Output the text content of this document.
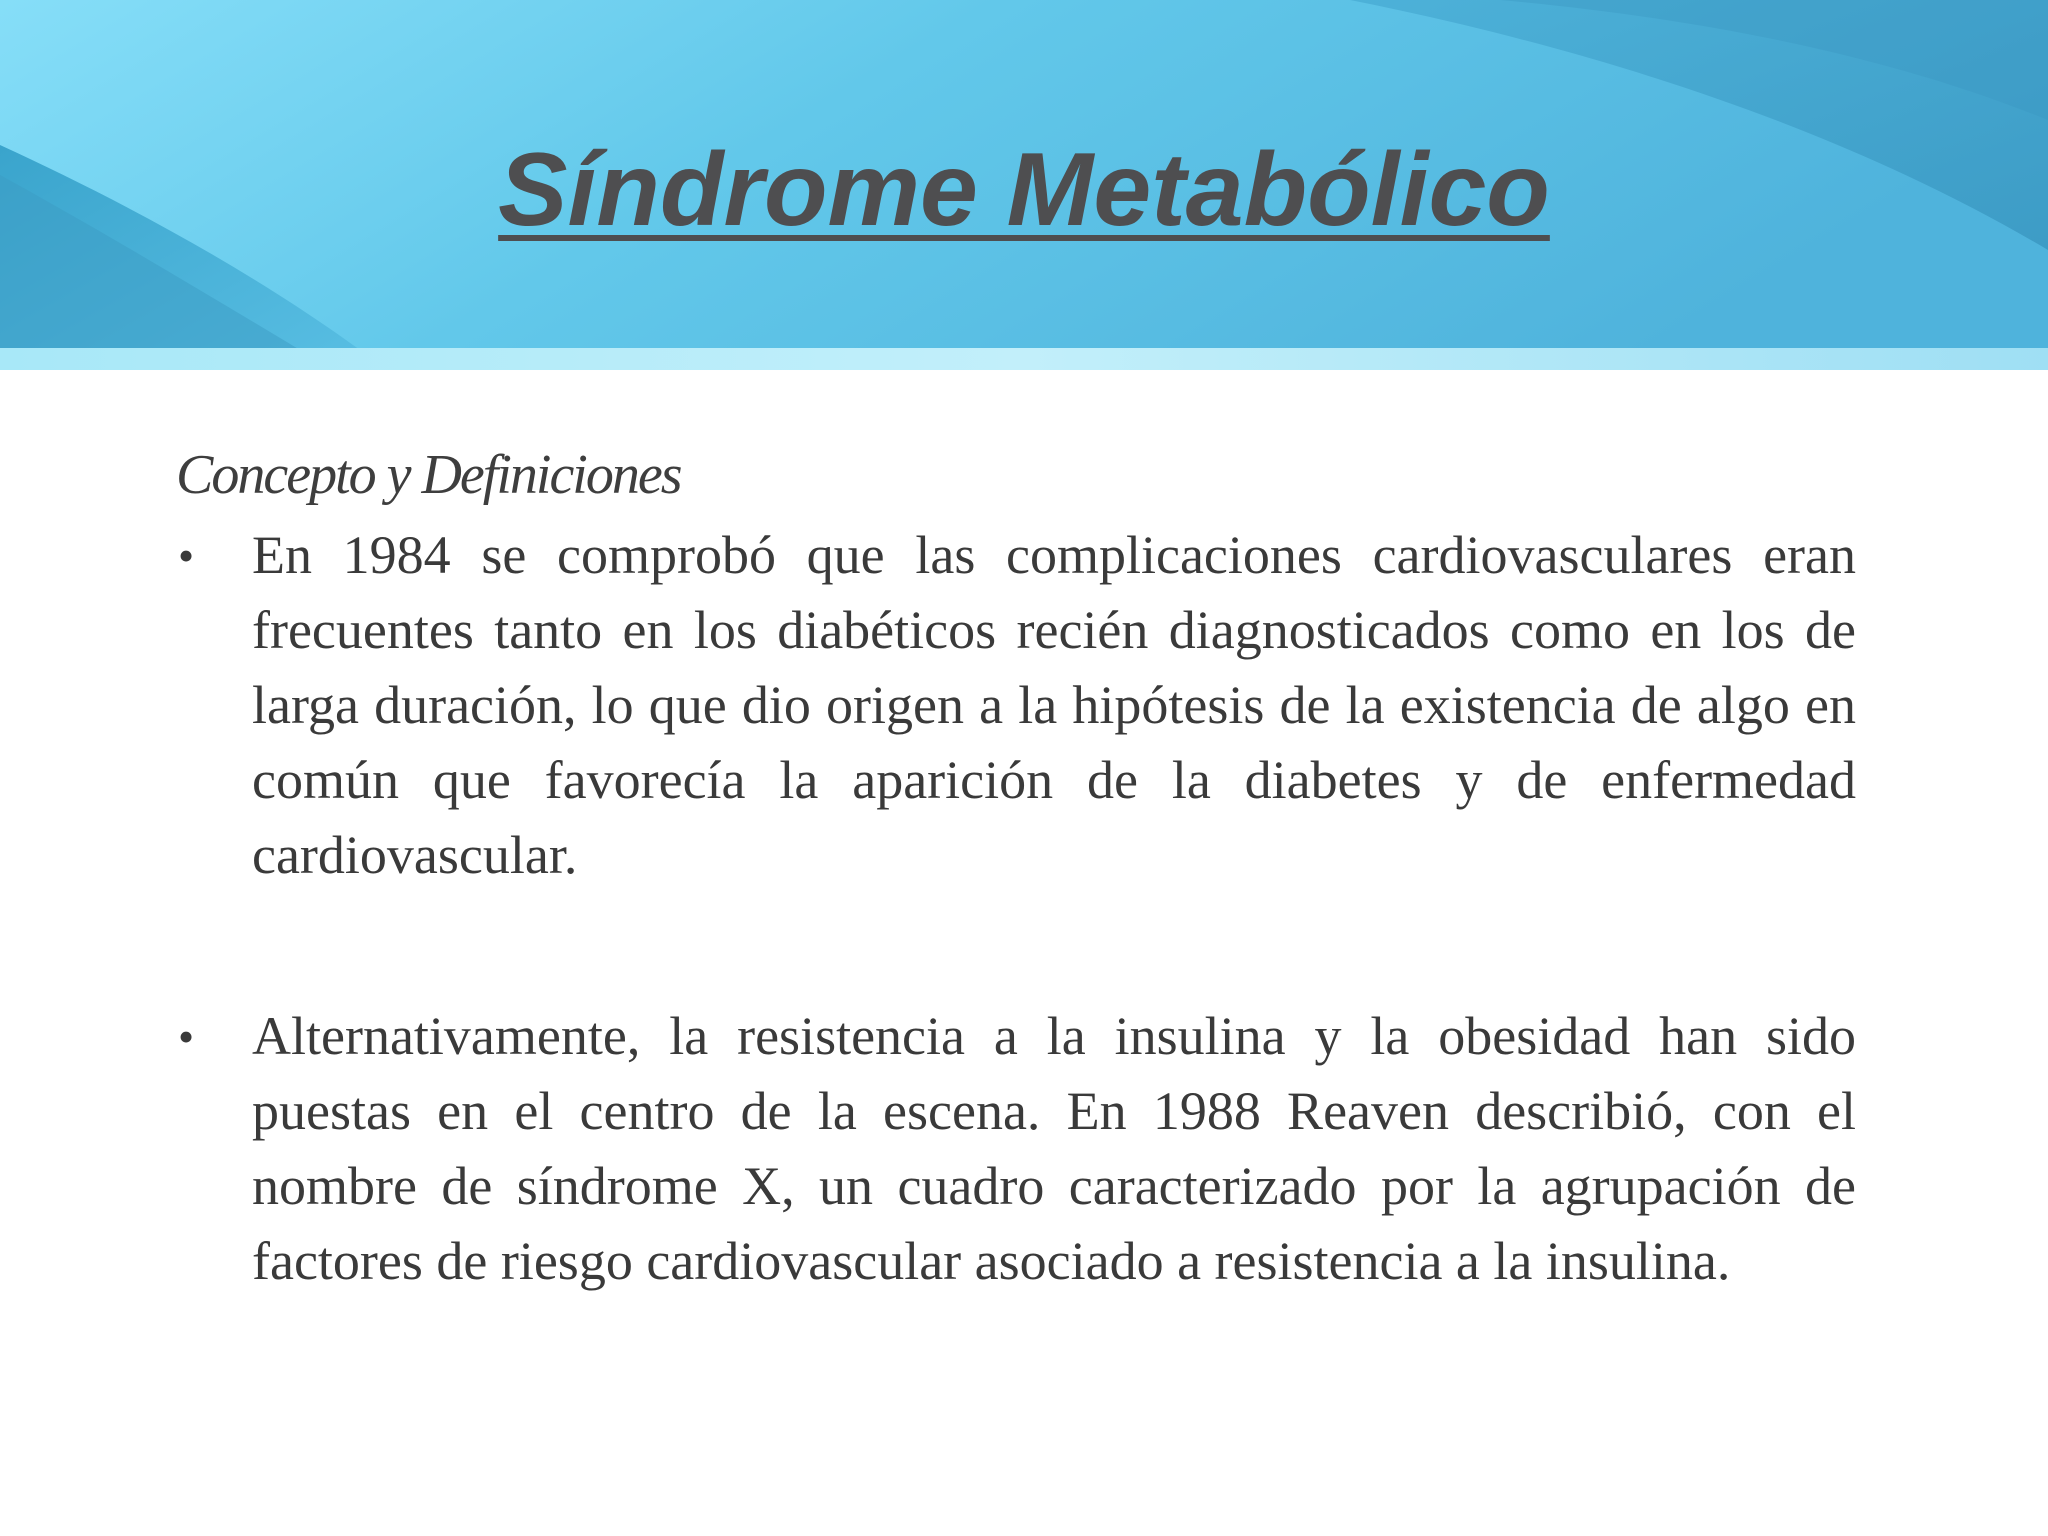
Síndrome Metabólico
Concepto y Definiciones
• En 1984 se comprobó que las complicaciones cardiovasculares eran frecuentes tanto en los diabéticos recién diagnosticados como en los de larga duración, lo que dio origen a la hipótesis de la existencia de algo en común que favorecía la aparición de la diabetes y de enfermedad cardiovascular.
• Alternativamente, la resistencia a la insulina y la obesidad han sido puestas en el centro de la escena. En 1988 Reaven describió, con el nombre de síndrome X, un cuadro caracterizado por la agrupación de factores de riesgo cardiovascular asociado a resistencia a la insulina.
